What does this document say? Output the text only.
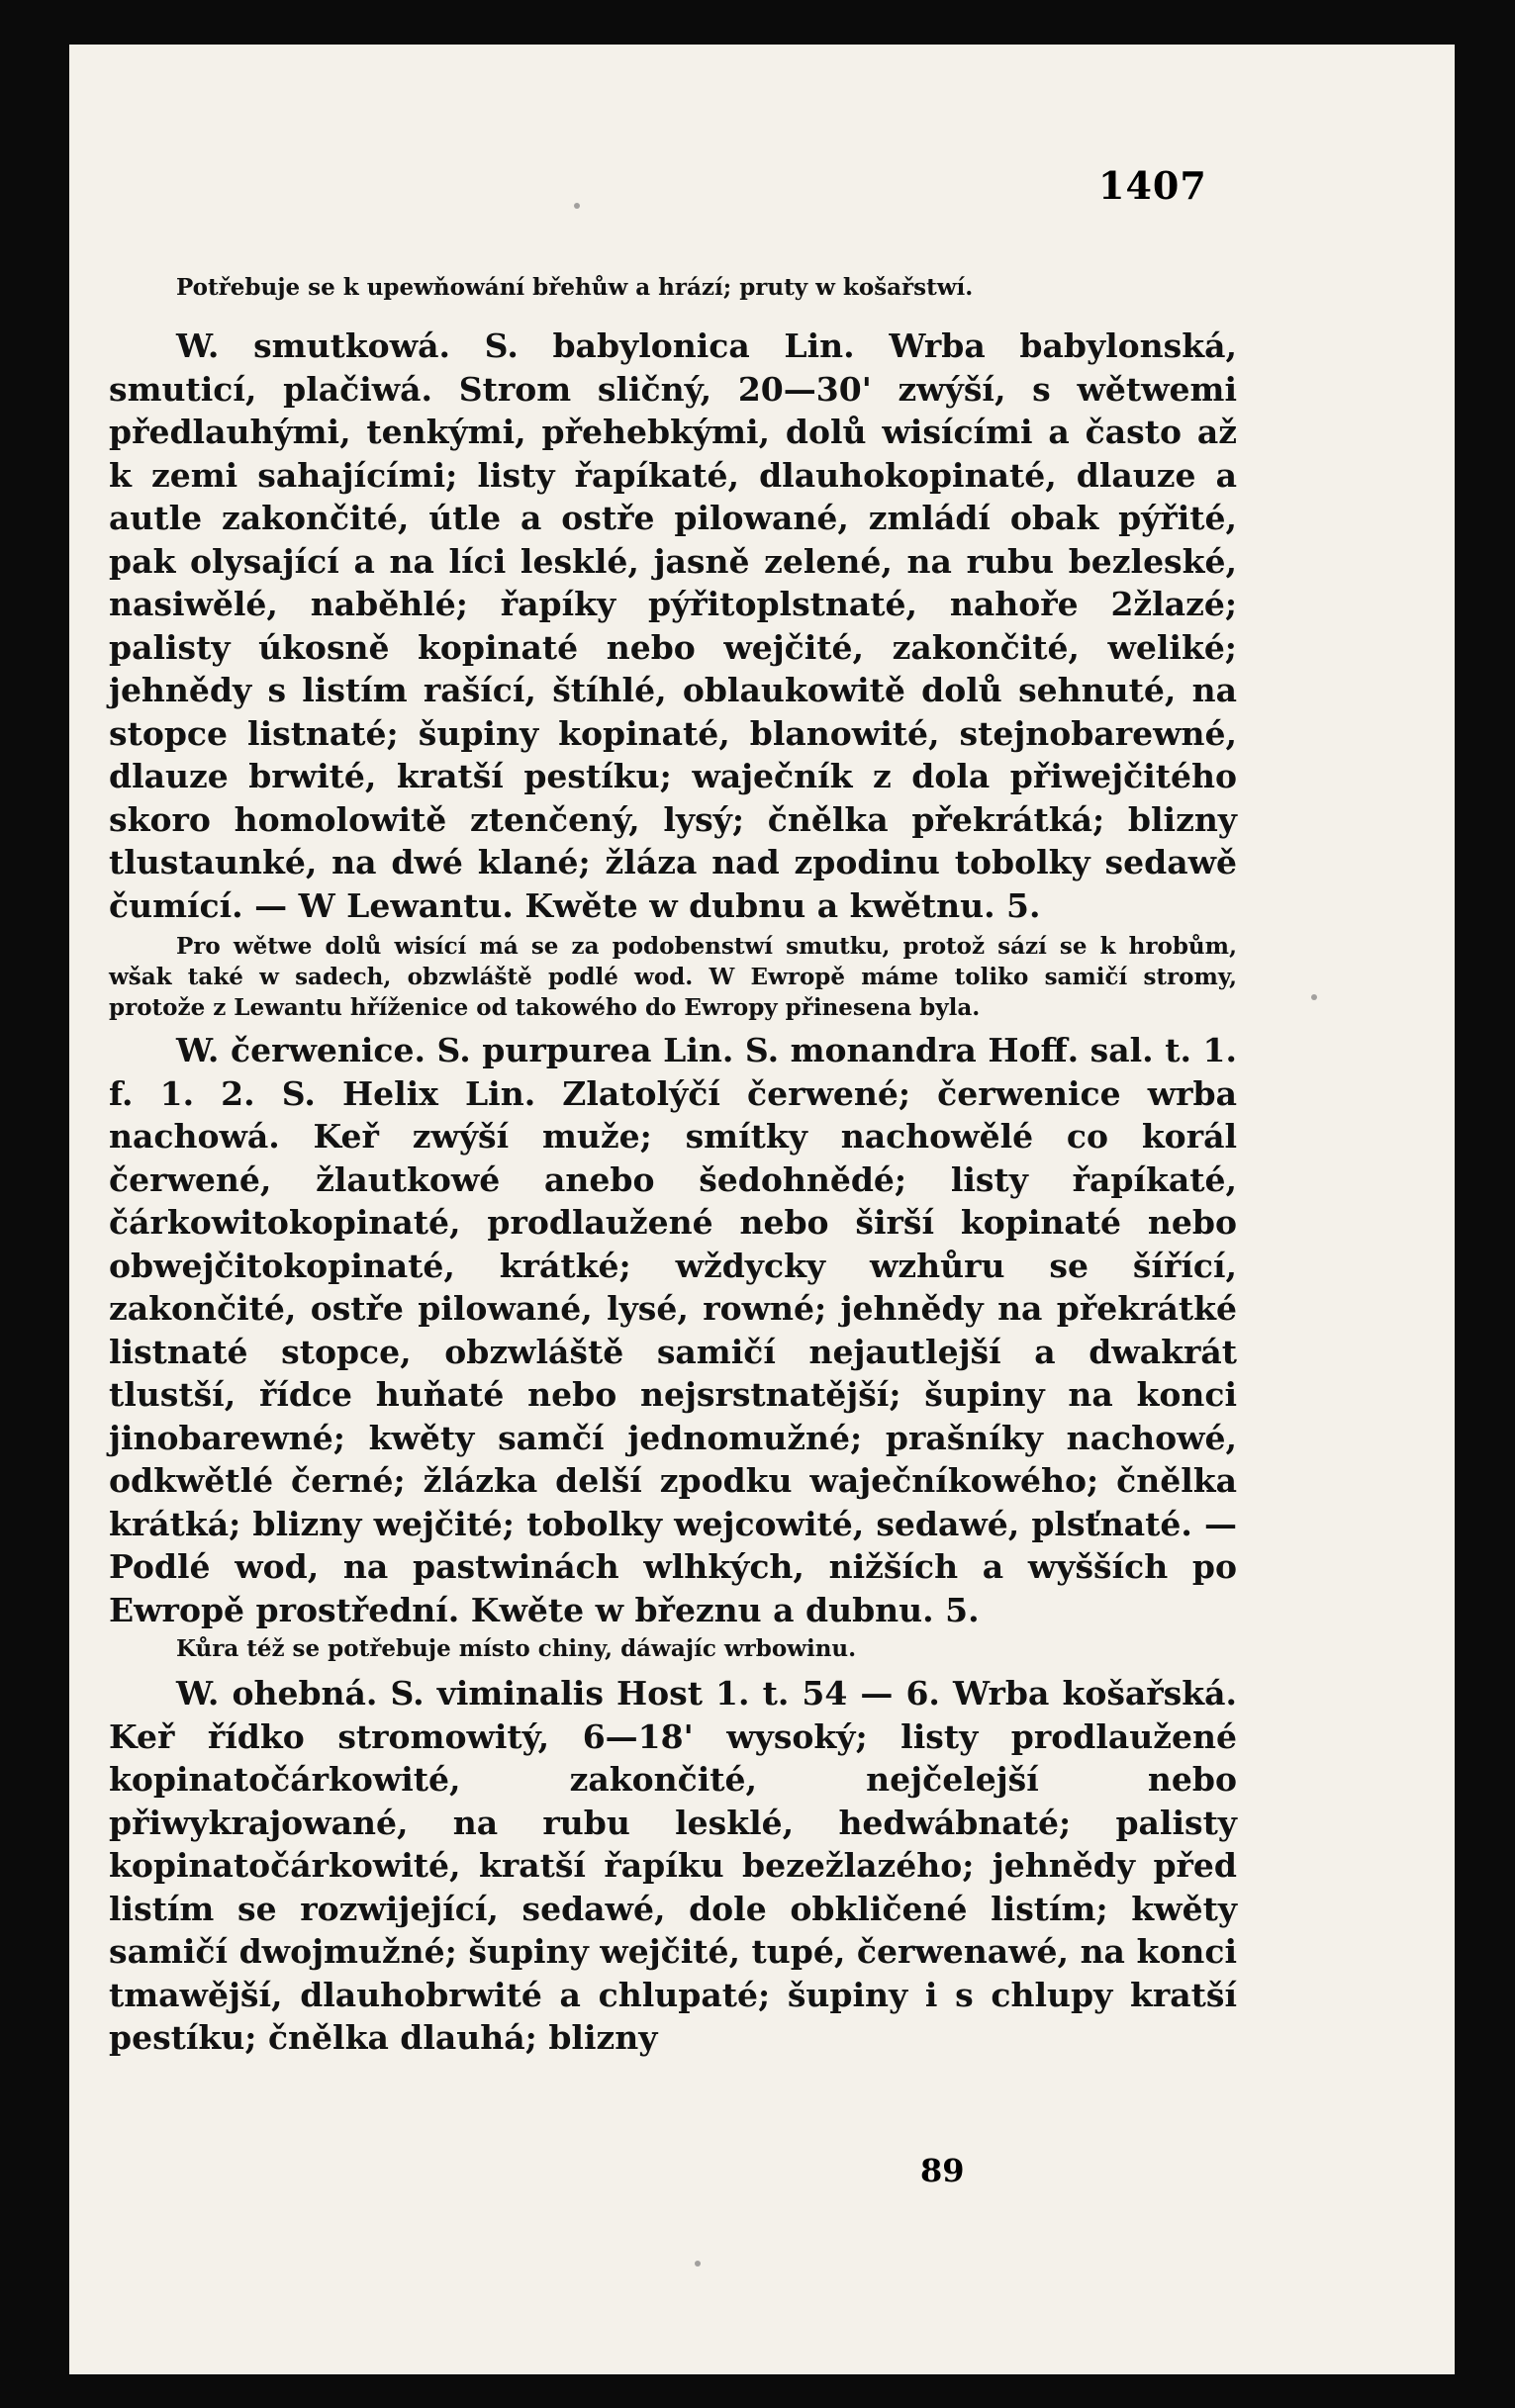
1407

Potřebuje se k upewňowání břehůw a hrází; pruty w košařstwí.

W. smutkowá. S. babylonica Lin. Wrba babylonská, smuticí, plačiwá. Strom sličný, 20—30' zwýší, s wětwemi předlauhými, tenkými, přehebkými, dolů wisícími a často až k zemi sahajícími; listy řapíkaté, dlauhokopinaté, dlauze a autle zakončité, útle a ostře pilowané, zmládí obak pýřité, pak olysající a na líci lesklé, jasně zelené, na rubu bezleské, nasiwělé, naběhlé; řapíky pýřitoplstnaté, nahoře 2žlazé; palisty úkosně kopinaté nebo wejčité, zakončité, weliké; jehnědy s listím rašící, štíhlé, oblaukowitě dolů sehnuté, na stopce listnaté; šupiny kopinaté, blanowité, stejnobarewné, dlauze brwité, kratší pestíku; waječník z dola přiwejčitého skoro homolowitě ztenčený, lysý; čnělka překrátká; blizny tlustaunké, na dwé klané; žláza nad zpodinu tobolky sedawě čumící. — W Lewantu. Kwěte w dubnu a kwětnu. 5.

Pro wětwe dolů wisící má se za podobenstwí smutku, protož sází se k hrobům, wšak také w sadech, obzwláště podlé wod. W Ewropě máme toliko samičí stromy, protože z Lewantu hříženice od takowého do Ewropy přinesena byla.

W. čerwenice. S. purpurea Lin. S. monandra Hoff. sal. t. 1. f. 1. 2. S. Helix Lin. Zlatolýčí čerwené; čerwenice wrba nachowá. Keř zwýší muže; smítky nachowělé co korál čerwené, žlautkowé anebo šedohnědé; listy řapíkaté, čárkowitokopinaté, prodlaužené nebo širší kopinaté nebo obwejčitokopinaté, krátké; wždycky wzhůru se šířící, zakončité, ostře pilowané, lysé, rowné; jehnědy na překrátké listnaté stopce, obzwláště samičí nejautlejší a dwakrát tlustší, řídce huňaté nebo nejsrstnatější; šupiny na konci jinobarewné; kwěty samčí jednomužné; prašníky nachowé, odkwětlé černé; žlázka delší zpodku waječníkowého; čnělka krátká; blizny wejčité; tobolky wejcowité, sedawé, plsťnaté. — Podlé wod, na pastwinách wlhkých, nižších a wyšších po Ewropě prostřední. Kwěte w březnu a dubnu. 5.

Kůra též se potřebuje místo chiny, dáwajíc wrbowinu.

W. ohebná. S. viminalis Host 1. t. 54 — 6. Wrba košařská. Keř řídko stromowitý, 6—18' wysoký; listy prodlaužené kopinatočárkowité, zakončité, nejčelejší nebo přiwykrajowané, na rubu lesklé, hedwábnaté; palisty kopinatočárkowité, kratší řapíku bezežlazého; jehnědy před listím se rozwijející, sedawé, dole obkličené listím; kwěty samičí dwojmužné; šupiny wejčité, tupé, čerwenawé, na konci tmawější, dlauhobrwité a chlupaté; šupiny i s chlupy kratší pestíku; čnělka dlauhá; blizny

89
